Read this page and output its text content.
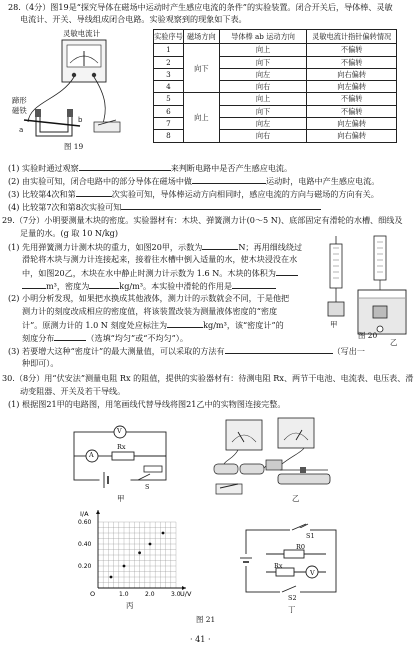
28.（4分）图19是“探究导体在磁场中运动时产生感应电流的条件”的实验装置。闭合开关后，导体棒、灵敏
电流计、开关、导线组成闭合电路。实验观察到的现象如下表。
a
b
灵敏电流计
蹄形
磁铁
图 19
实验序号	磁场方向	导体棒 ab 运动方向	灵敏电流计指针偏转情况
1	向下	向上	不偏转
2		向下	不偏转
3		向左	向右偏转
4		向右	向左偏转
5	向上	向上	不偏转
6		向下	不偏转
7		向左	向左偏转
8		向右	向右偏转
(1) 实验时通过观察	来判断电路中是否产生感应电流。
(2) 由实验可知，闭合电路中的部分导体在磁场中做	运动时，电路中产生感应电流。
(3) 比较第4次和第	次实验可知，导体棒运动方向相同时，感应电流的方向与磁场的方向有关。
(4) 比较第7次和第8次实验可知
29.（7分）小明要测量木块的密度。实验器材有：木块、弹簧测力计(0～5 N)、底部固定有滑轮的水槽、细线及
足量的水。(g 取 10 N/kg)
(1) 先用弹簧测力计测木块的重力，如图20甲，示数为	N；再用细线绕过
滑轮将木块与测力计连接起来，接着往水槽中倒入适量的水，使木块浸没在水
中，如图20乙，木块在水中静止时测力计示数为 1.6 N。木块的体积为
m³，密度为	kg/m³。本实验中滑轮的作用是
(2) 小明分析发现，如果把水换成其他液体，测力计的示数就会不同，于是他把
测力计的刻度改成相应的密度值，将该装置改装为测量液体密度的“密度
计”。原测力计的 1.0 N 刻度处应标注为	kg/m³，该“密度计”的
刻度分布	（选填“均匀”或“不均匀”）。
(3) 若要增大这种“密度计”的最大测量值，可以采取的方法有	（写出一
种即可）。
甲
乙
图 20
30.（8分）用“伏安法”测量电阻 Rx 的阻值，提供的实验器材有：待测电阻 Rx、两节干电池、电流表、电压表、滑
动变阻器、开关及若干导线。
(1) 根据图21甲的电路图，用笔画线代替导线将图21乙中的实物图连接完整。
V
A
Rx
S
甲	乙
1.0	2.0	3.0
0.20
0.40
0.60
I/A
U/V
O
丙
S1
R0
Rx
V
S2
丁
图 21
· 41 ·
